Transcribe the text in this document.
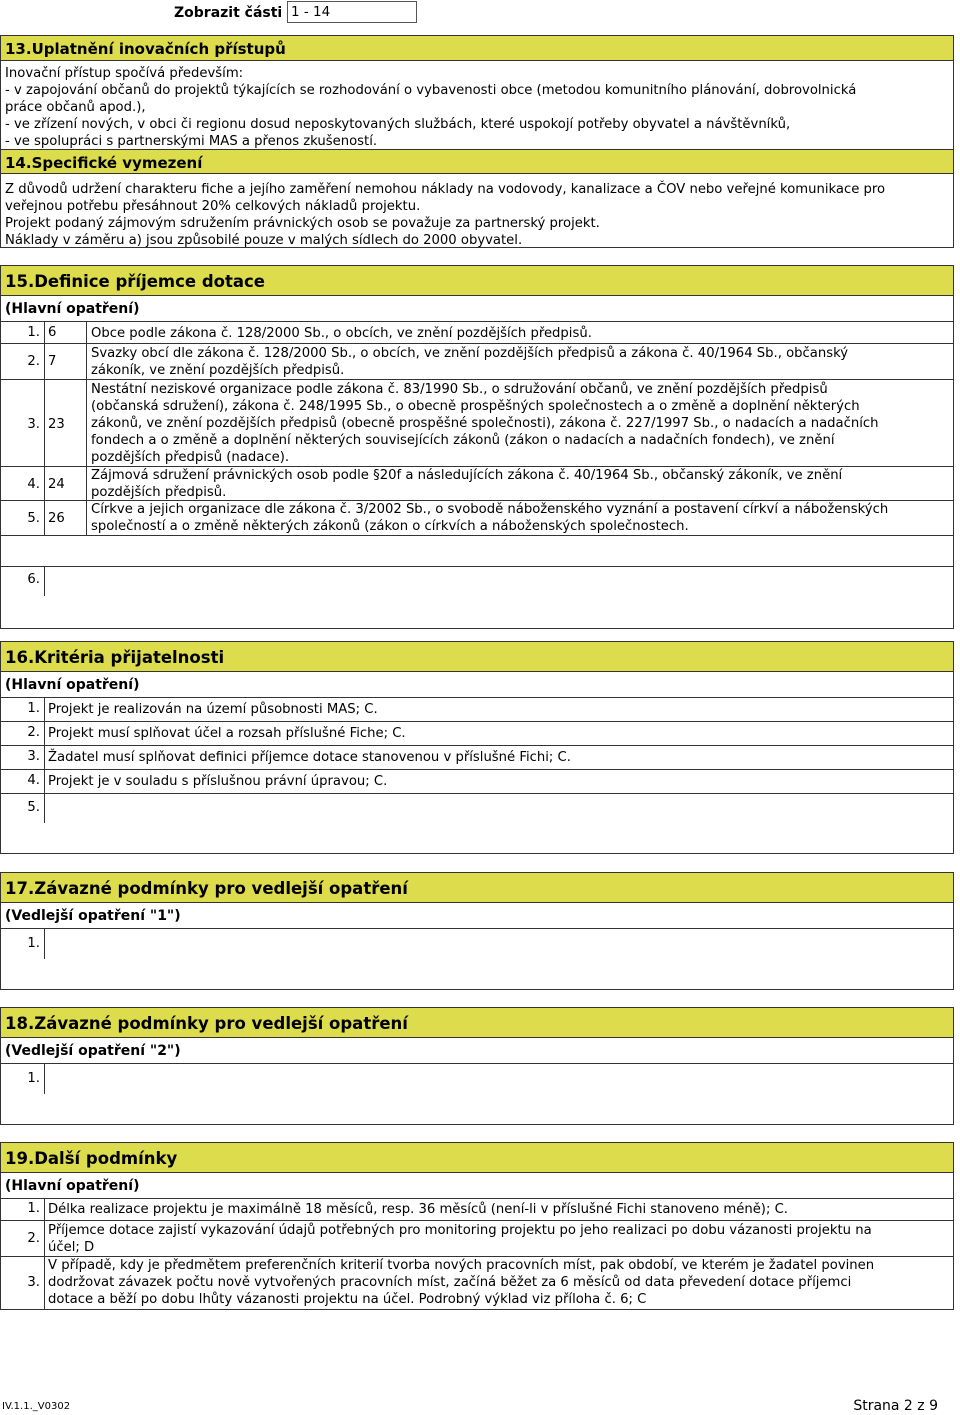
Zobrazit části
1 - 14
13.Uplatnění inovačních přístupů
Inovační přístup spočívá především:
- v zapojování občanů do projektů týkajících se rozhodování o vybavenosti obce (metodou komunitního plánování, dobrovolnická
práce občanů apod.),
- ve zřízení nových, v obci či regionu dosud neposkytovaných službách, které uspokojí potřeby obyvatel a návštěvníků,
- ve spolupráci s partnerskými MAS a přenos zkušeností.
14.Specifické vymezení
Z důvodů udržení charakteru fiche a jejího zaměření nemohou náklady na vodovody, kanalizace a ČOV nebo veřejné komunikace pro
veřejnou potřebu přesáhnout 20% celkových nákladů projektu.
Projekt podaný zájmovým sdružením právnických osob se považuje za partnerský projekt.
Náklady v záměru a) jsou způsobilé pouze v malých sídlech do 2000 obyvatel.
15.Definice příjemce dotace
(Hlavní opatření)
1. 6	Obce podle zákona č. 128/2000 Sb., o obcích, ve znění pozdějších předpisů.
2. 7
Svazky obcí dle zákona č. 128/2000 Sb., o obcích, ve znění pozdějších předpisů a zákona č. 40/1964 Sb., občanský
zákoník, ve znění pozdějších předpisů.
3. 23
Nestátní neziskové organizace podle zákona č. 83/1990 Sb., o sdružování občanů, ve znění pozdějších předpisů
(občanská sdružení), zákona č. 248/1995 Sb., o obecně prospěšných společnostech a o změně a doplnění některých
zákonů, ve znění pozdějších předpisů (obecně prospěšné společnosti), zákona č. 227/1997 Sb., o nadacích a nadačních
fondech a o změně a doplnění některých souvisejících zákonů (zákon o nadacích a nadačních fondech), ve znění
pozdějších předpisů (nadace).
4. 24
Zájmová sdružení právnických osob podle §20f a následujících zákona č. 40/1964 Sb., občanský zákoník, ve znění
pozdějších předpisů.
5. 26
Církve a jejich organizace dle zákona č. 3/2002 Sb., o svobodě náboženského vyznání a postavení církví a náboženských
společností a o změně některých zákonů (zákon o církvích a náboženských společnostech.
6.
16.Kritéria přijatelnosti
(Hlavní opatření)
1. Projekt je realizován na území působnosti MAS; C.
2. Projekt musí splňovat účel a rozsah příslušné Fiche; C.
3. Žadatel musí splňovat definici příjemce dotace stanovenou v příslušné Fichi; C.
4. Projekt je v souladu s příslušnou právní úpravou; C.
5.
17.Závazné podmínky pro vedlejší opatření
(Vedlejší opatření "1")
1.
18.Závazné podmínky pro vedlejší opatření
(Vedlejší opatření "2")
1.
19.Další podmínky
(Hlavní opatření)
1. Délka realizace projektu je maximálně 18 měsíců, resp. 36 měsíců (není-li v příslušné Fichi stanoveno méně); C.
2.
Příjemce dotace zajistí vykazování údajů potřebných pro monitoring projektu po jeho realizaci po dobu vázanosti projektu na
účel; D
3.
V případě, kdy je předmětem preferenčních kriterií tvorba nových pracovních míst, pak období, ve kterém je žadatel povinen
dodržovat závazek počtu nově vytvořených pracovních míst, začíná běžet za 6 měsíců od data převedení dotace příjemci
dotace a běží po dobu lhůty vázanosti projektu na účel. Podrobný výklad viz příloha č. 6; C
IV.1.1._V0302	Strana 2 z 9
